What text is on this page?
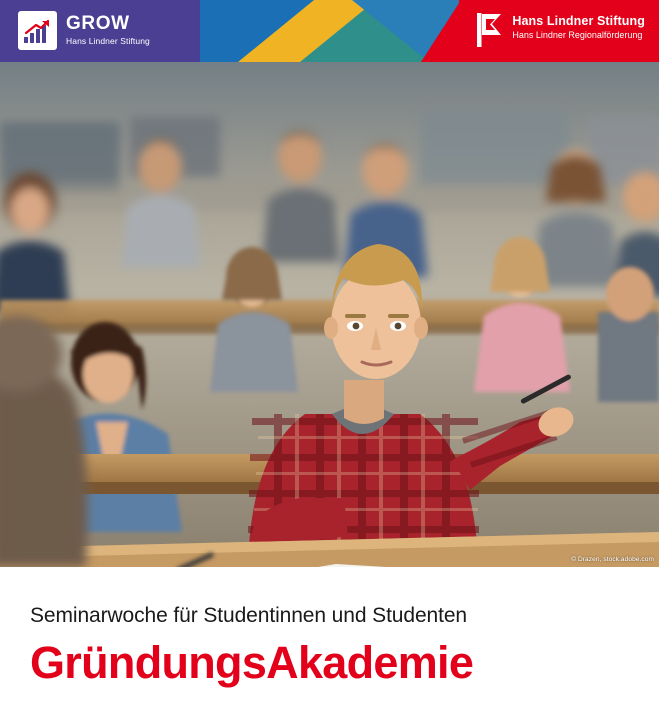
GROW
Hans Lindner Stiftung
Hans Lindner Stiftung
Hans Lindner Regionalförderung
© Drazen, stock.adobe.com
Seminarwoche für Studentinnen und Studenten
GründungsAkademie
